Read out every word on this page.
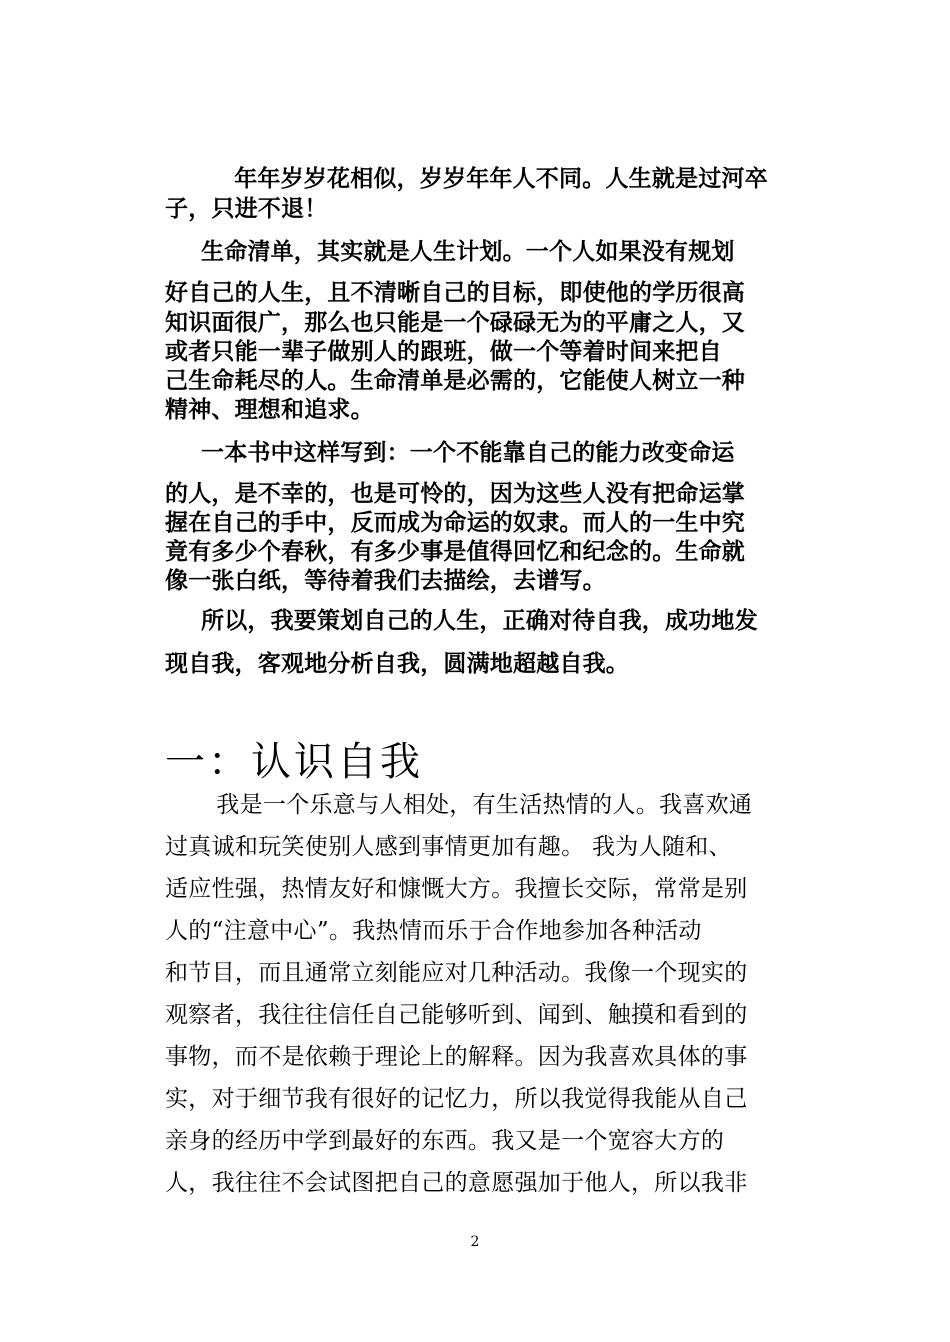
　年年岁岁花相似，岁岁年年人不同。人生就是过河卒
子，只进不退！
生命清单，其实就是人生计划。一个人如果没有规划
好自己的人生，且不清晰自己的目标，即使他的学历很高
知识面很广，那么也只能是一个碌碌无为的平庸之人，又
或者只能一辈子做别人的跟班，做一个等着时间来把自
己生命耗尽的人。生命清单是必需的，它能使人树立一种
精神、理想和追求。
一本书中这样写到：一个不能靠自己的能力改变命运
的人，是不幸的，也是可怜的，因为这些人没有把命运掌
握在自己的手中，反而成为命运的奴隶。而人的一生中究
竟有多少个春秋，有多少事是值得回忆和纪念的。生命就
像一张白纸，等待着我们去描绘，去谱写。
所以，我要策划自己的人生，正确对待自我，成功地发
现自我，客观地分析自我，圆满地超越自我。
一：认识自我
　我是一个乐意与人相处，有生活热情的人。我喜欢通
过真诚和玩笑使别人感到事情更加有趣。 我为人随和、
适应性强，热情友好和慷慨大方。我擅长交际，常常是别
人的“注意中心”。我热情而乐于合作地参加各种活动
和节目，而且通常立刻能应对几种活动。我像一个现实的
观察者，我往往信任自己能够听到、闻到、触摸和看到的
事物，而不是依赖于理论上的解释。因为我喜欢具体的事
实，对于细节我有很好的记忆力，所以我觉得我能从自己
亲身的经历中学到最好的东西。我又是一个宽容大方的
人，我往往不会试图把自己的意愿强加于他人，所以我非
2
